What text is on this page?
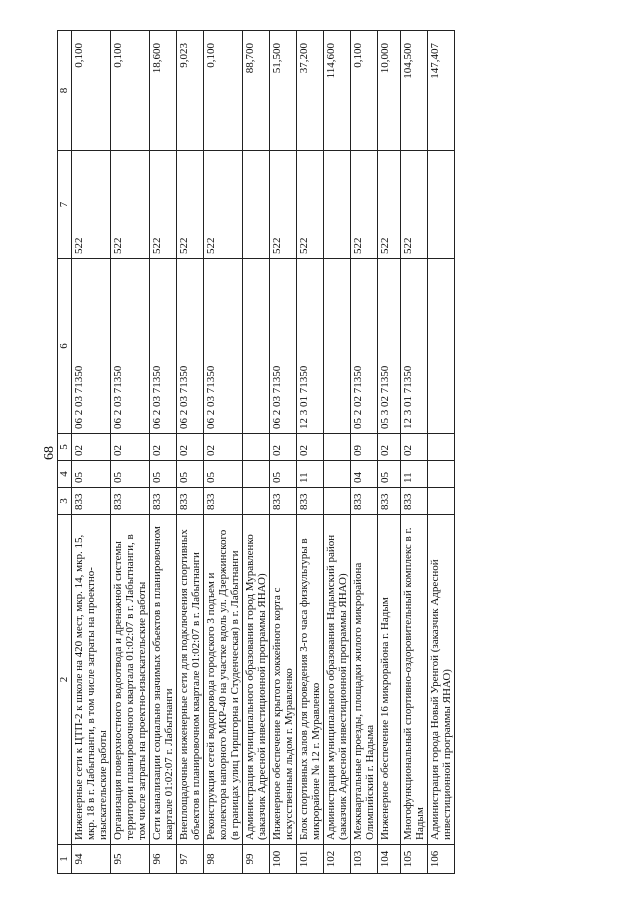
68
1	2	3	4	5	6	7	8
94	Инженерные сети к ЦТП-2 к школе на 420 мест, мкр. 14, мкр. 15, мкр. 18 в г. Лабытнанги, в том числе затраты на проектно-изыскательские работы	833	05	02	06 2 03 71350	522	0,100
95	Организация поверхностного водоотвода и дренажной системы территории планировочного квартала 01:02:07 в г. Лабытнанги, в том числе затраты на проектно-изыскательские работы	833	05	02	06 2 03 71350	522	0,100
96	Сети канализации социально значимых объектов в планировочном квартале 01:02:07 г. Лабытнанги	833	05	02	06 2 03 71350	522	18,600
97	Внеплощадочные инженерные сети для подключения спортивных объектов в планировочном квартале 01:02:07 в г. Лабытнанги	833	05	02	06 2 03 71350	522	9,023
98	Реконструкция сетей водопровода городского 3 подъем и коллектора напорного МКР-40 на участке вдоль ул. Дзержинского (в границах улиц Гиршгорна и Студенческая) в г. Лабытнанги	833	05	02	06 2 03 71350	522	0,100
99	Администрация муниципального образования город Муравленко (заказчик Адресной инвестиционной программы ЯНАО)						88,700
100	Инженерное обеспечение крытого хоккейного корта с искусственным льдом г. Муравленко	833	05	02	06 2 03 71350	522	51,500
101	Блок спортивных залов для проведения 3-го часа физкультуры в микрорайоне № 12 г. Муравленко	833	11	02	12 3 01 71350	522	37,200
102	Администрация муниципального образования Надымский район (заказчик Адресной инвестиционной программы ЯНАО)						114,600
103	Межквартальные проезды, площадки жилого микрорайона Олимпийский г. Надыма	833	04	09	05 2 02 71350	522	0,100
104	Инженерное обеспечение 16 микрорайона г. Надым	833	05	02	05 3 02 71350	522	10,000
105	Многофункциональный спортивно-оздоровительный комплекс в г. Надым	833	11	02	12 3 01 71350	522	104,500
106	Администрация города Новый Уренгой (заказчик Адресной инвестиционной программы ЯНАО)						147,407
